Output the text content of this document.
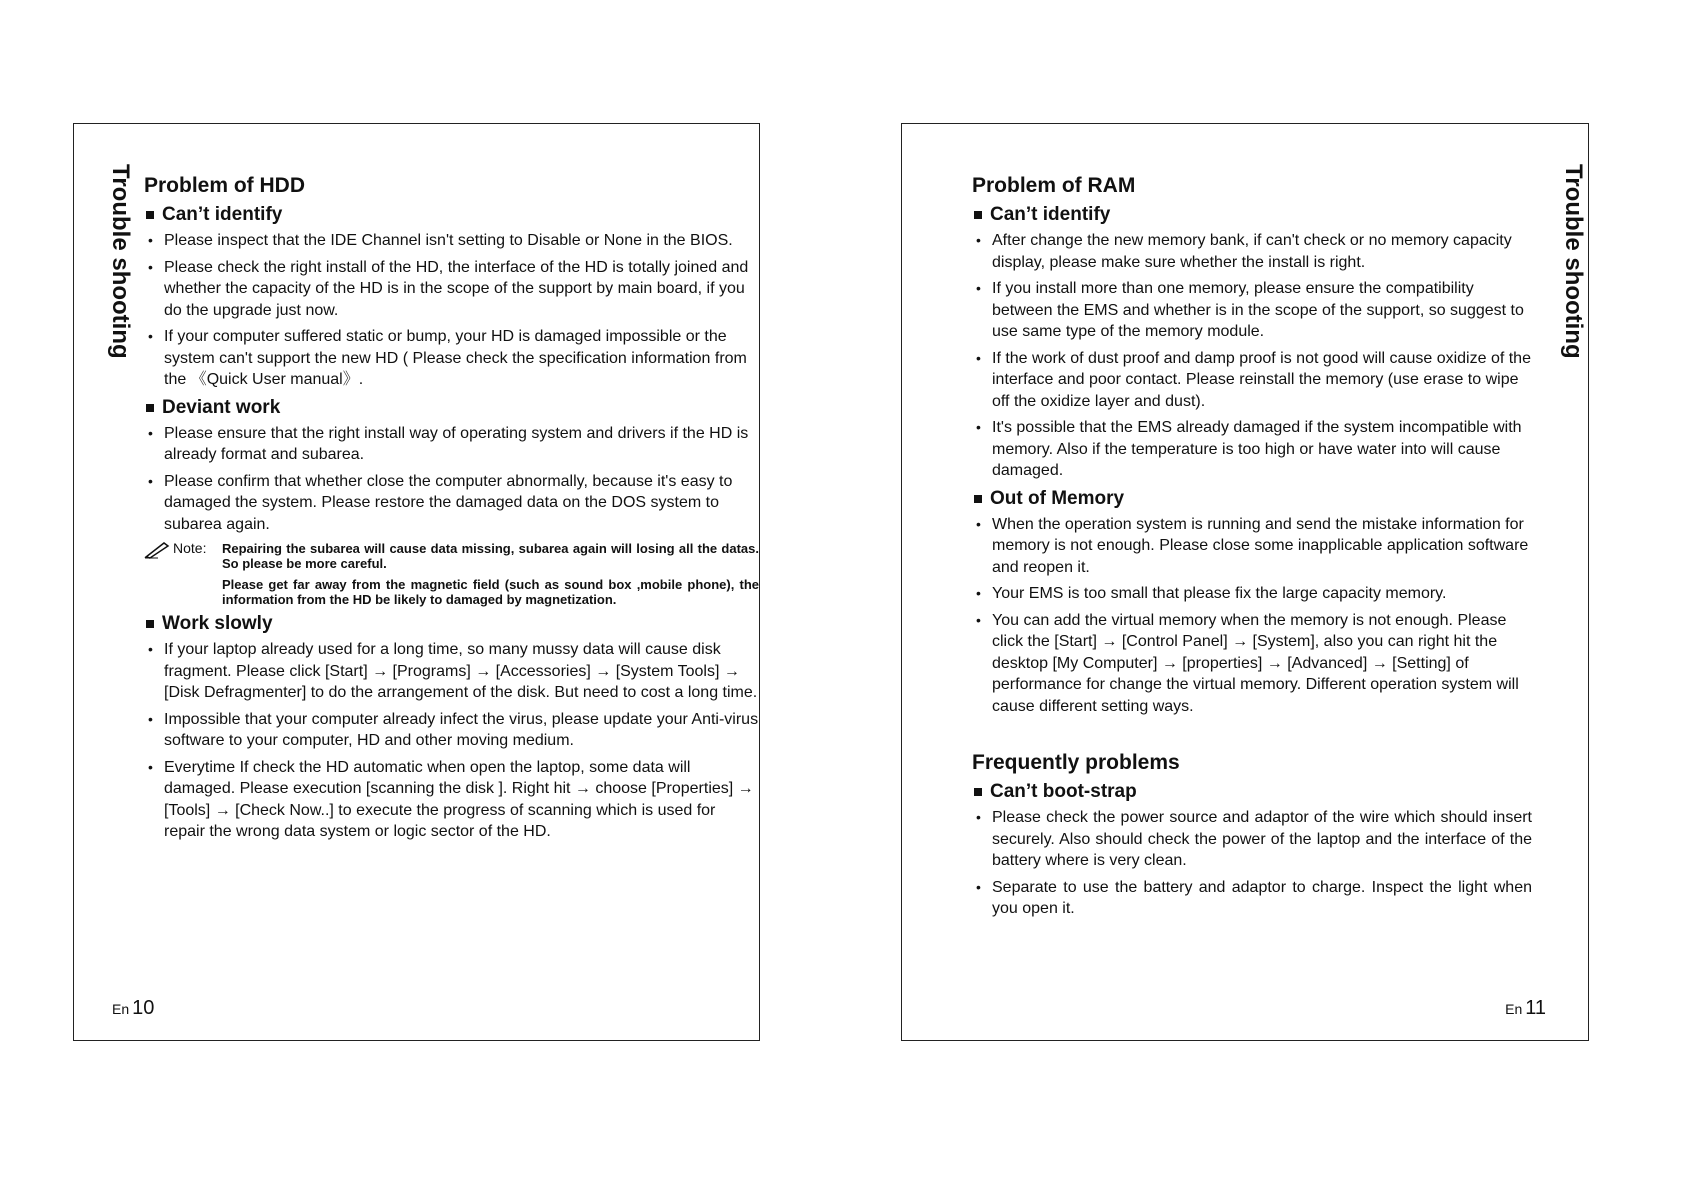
Trouble shooting Problem of HDD
Can’t identify
• Please inspect that the IDE Channel isn't setting to Disable or None in the BIOS.
• Please check the right install of the HD, the interface of the HD is totally joined and whether the capacity of the HD is in the scope of the support by main board, if you do the upgrade just now.
• If your computer suffered static or bump, your HD is damaged impossible or the system can't support the new HD ( Please check the specification information from the 《Quick User manual》.
Deviant work
• Please ensure that the right install way of operating system and drivers if the HD is already format and subarea.
• Please confirm that whether close the computer abnormally, because it's easy to damaged the system. Please restore the damaged data on the DOS system to subarea again.
Note: Repairing the subarea will cause data missing, subarea again will losing all the datas. So please be more careful.

Please get far away from the magnetic field (such as sound box ,mobile phone), the information from the HD be likely to damaged by magnetization.

Work slowly
• If your laptop already used for a long time, so many mussy data will cause disk fragment. Please click [Start] → [Programs] → [Accessories] → [System Tools] → [Disk Defragmenter] to do the arrangement of the disk. But need to cost a long time.
• Impossible that your computer already infect the virus, please update your Anti-virus software to your computer, HD and other moving medium.
• Everytime If check the HD automatic when open the laptop, some data will damaged. Please execution [scanning the disk ]. Right hit → choose [Properties] → [Tools] → [Check Now..] to execute the progress of scanning which is used for repair the wrong data system or logic sector of the HD.
En 10
Trouble shooting
Problem of RAM
Can’t identify
• After change the new memory bank, if can't check or no memory capacity display, please make sure whether the install is right.
• If you install more than one memory, please ensure the compatibility between the EMS and whether is in the scope of the support, so suggest to use same type of the memory module.
• If the work of dust proof and damp proof is not good will cause oxidize of the interface and poor contact. Please reinstall the memory (use erase to wipe off the oxidize layer and dust).
• It's possible that the EMS already damaged if the system incompatible with memory. Also if the temperature is too high or have water into will cause damaged.
Out of Memory
• When the operation system is running and send the mistake information for memory is not enough. Please close some inapplicable application software and reopen it.
• Your EMS is too small that please fix the large capacity memory.
• You can add the virtual memory when the memory is not enough. Please click the [Start] → [Control Panel] → [System], also you can right hit the desktop [My Computer] → [properties] → [Advanced] → [Setting] of performance for change the virtual memory. Different operation system will cause different setting ways.
Frequently problems
Can’t boot-strap
• Please check the power source and adaptor of the wire which should insert securely. Also should check the power of the laptop and the interface of the battery where is very clean.
• Separate to use the battery and adaptor to charge. Inspect the light when you open it.
En 11
